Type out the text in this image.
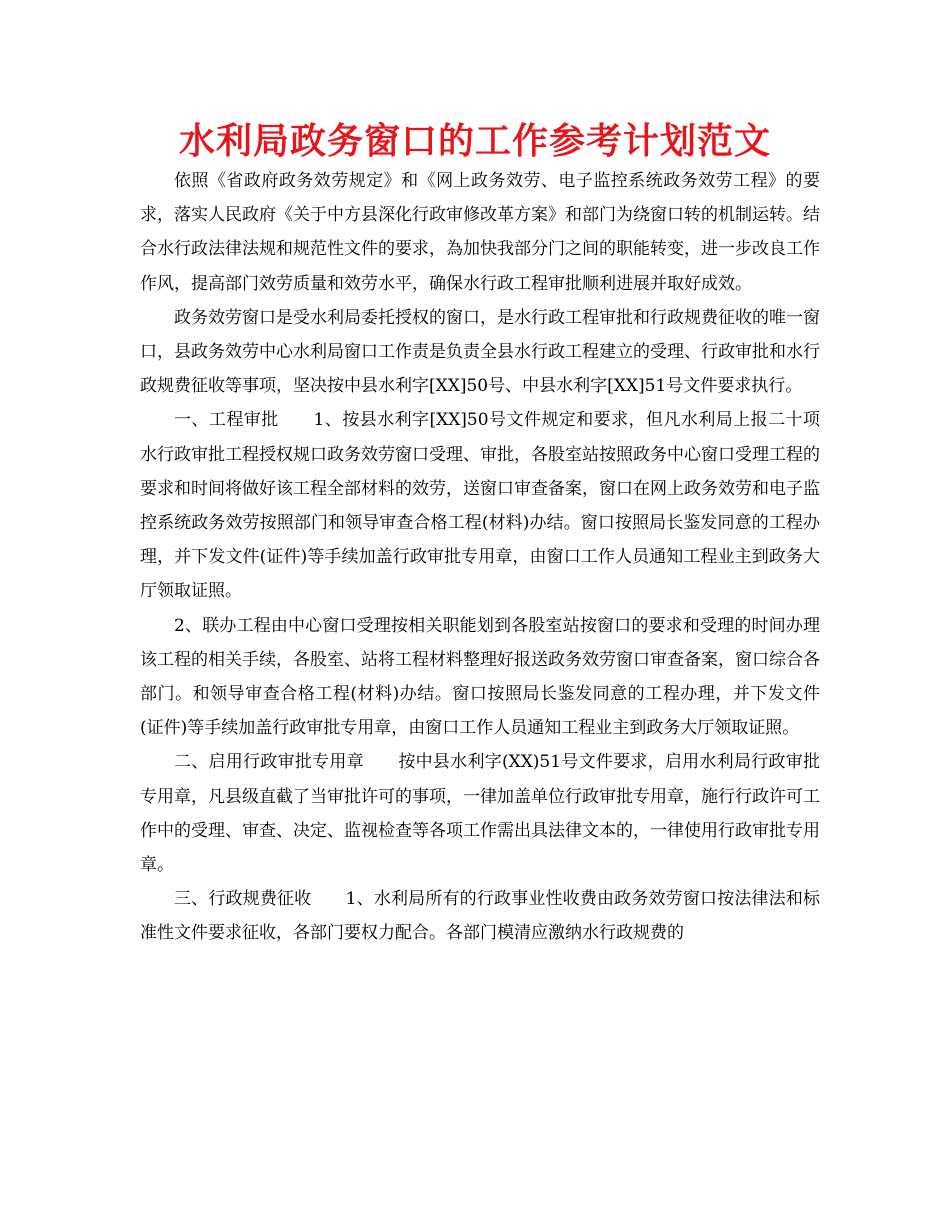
水利局政务窗口的工作参考计划范文

依照《省政府政务效劳规定》和《网上政务效劳、电子监控系统政务效劳工程》的要求，落实人民政府《关于中方县深化行政审修改革方案》和部门为绕窗口转的机制运转。结合水行政法律法规和规范性文件的要求，為加快我部分门之间的职能转变，进一步改良工作作风，提高部门效劳质量和效劳水平，确保水行政工程审批顺利进展并取好成效。

政务效劳窗口是受水利局委托授权的窗口，是水行政工程审批和行政规费征收的唯一窗口，县政务效劳中心水利局窗口工作责是负责全县水行政工程建立的受理、行政审批和水行政规费征收等事项，坚决按中县水利字[XX]50号、中县水利字[XX]51号文件要求执行。

一、工程审批　　1、按县水利字[XX]50号文件规定和要求，但凡水利局上报二十项水行政审批工程授权规口政务效劳窗口受理、审批，各股室站按照政务中心窗口受理工程的要求和时间将做好该工程全部材料的效劳，送窗口审查备案，窗口在网上政务效劳和电子监控系统政务效劳按照部门和领导审查合格工程(材料)办结。窗口按照局长鉴发同意的工程办理，并下发文件(证件)等手续加盖行政审批专用章，由窗口工作人员通知工程业主到政务大厅领取证照。

2、联办工程由中心窗口受理按相关职能划到各股室站按窗口的要求和受理的时间办理该工程的相关手续，各股室、站将工程材料整理好报送政务效劳窗口审查备案，窗口综合各部门。和领导审查合格工程(材料)办结。窗口按照局长鉴发同意的工程办理，并下发文件(证件)等手续加盖行政审批专用章，由窗口工作人员通知工程业主到政务大厅领取证照。

二、启用行政审批专用章　　按中县水利字(XX)51号文件要求，启用水利局行政审批专用章，凡县级直截了当审批许可的事项，一律加盖单位行政审批专用章，施行行政许可工作中的受理、审查、决定、监视检查等各项工作需出具法律文本的，一律使用行政审批专用章。

三、行政规费征收　　1、水利局所有的行政事业性收费由政务效劳窗口按法律法和标准性文件要求征收，各部门要权力配合。各部门模清应激纳水行政规费的
